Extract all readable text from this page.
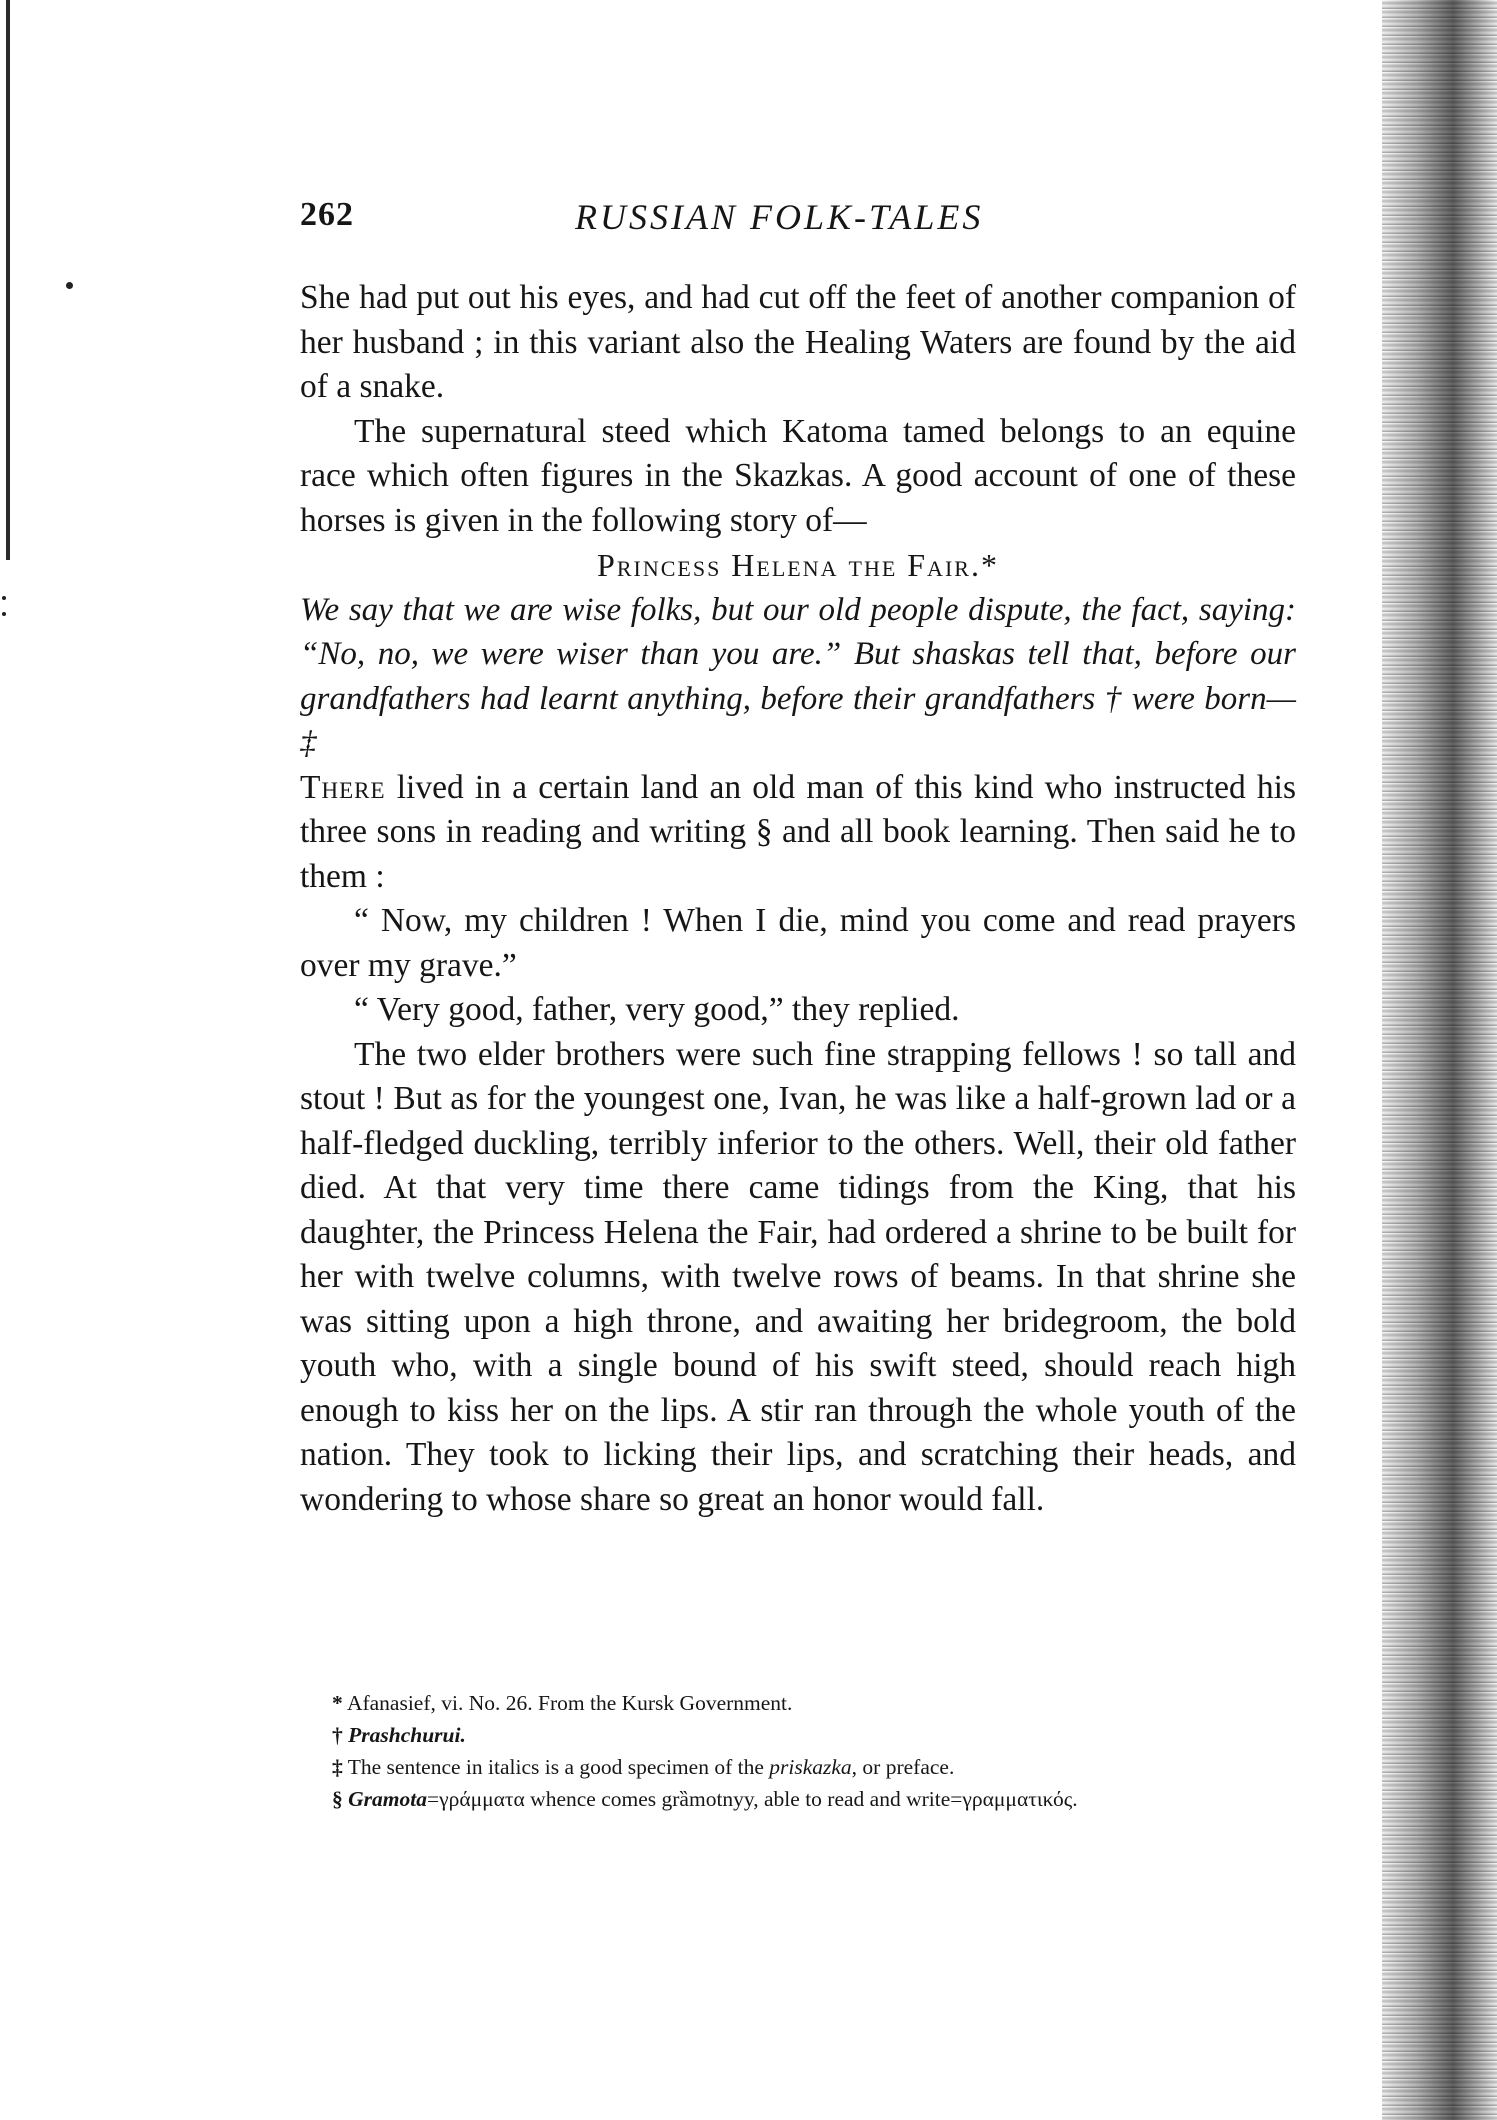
262	RUSSIAN FOLK-TALES

She had put out his eyes, and had cut off the feet of another companion of her husband ; in this variant also the Healing Waters are found by the aid of a snake.

The supernatural steed which Katoma tamed belongs to an equine race which often figures in the Skazkas. A good account of one of these horses is given in the following story of—

Princess Helena the Fair.*

We say that we are wise folks, but our old people dispute, the fact, saying: “No, no, we were wiser than you are.” But shaskas tell that, before our grandfathers had learnt anything, before their grandfathers † were born—‡

There lived in a certain land an old man of this kind who instructed his three sons in reading and writing § and all book learning. Then said he to them :

“ Now, my children ! When I die, mind you come and read prayers over my grave.”

“ Very good, father, very good,” they replied.

The two elder brothers were such fine strapping fellows ! so tall and stout ! But as for the youngest one, Ivan, he was like a half-grown lad or a half-fledged duckling, terribly inferior to the others. Well, their old father died. At that very time there came tidings from the King, that his daughter, the Princess Helena the Fair, had ordered a shrine to be built for her with twelve columns, with twelve rows of beams. In that shrine she was sitting upon a high throne, and awaiting her bridegroom, the bold youth who, with a single bound of his swift steed, should reach high enough to kiss her on the lips. A stir ran through the whole youth of the nation. They took to licking their lips, and scratching their heads, and wondering to whose share so great an honor would fall.

* Afanasief, vi. No. 26. From the Kursk Government.

† Prashchurui.

‡ The sentence in italics is a good specimen of the priskazka, or preface.

§ Gramota=γράμματα whence comes grȁmotnуy, able to read and write=γραμματικός.
